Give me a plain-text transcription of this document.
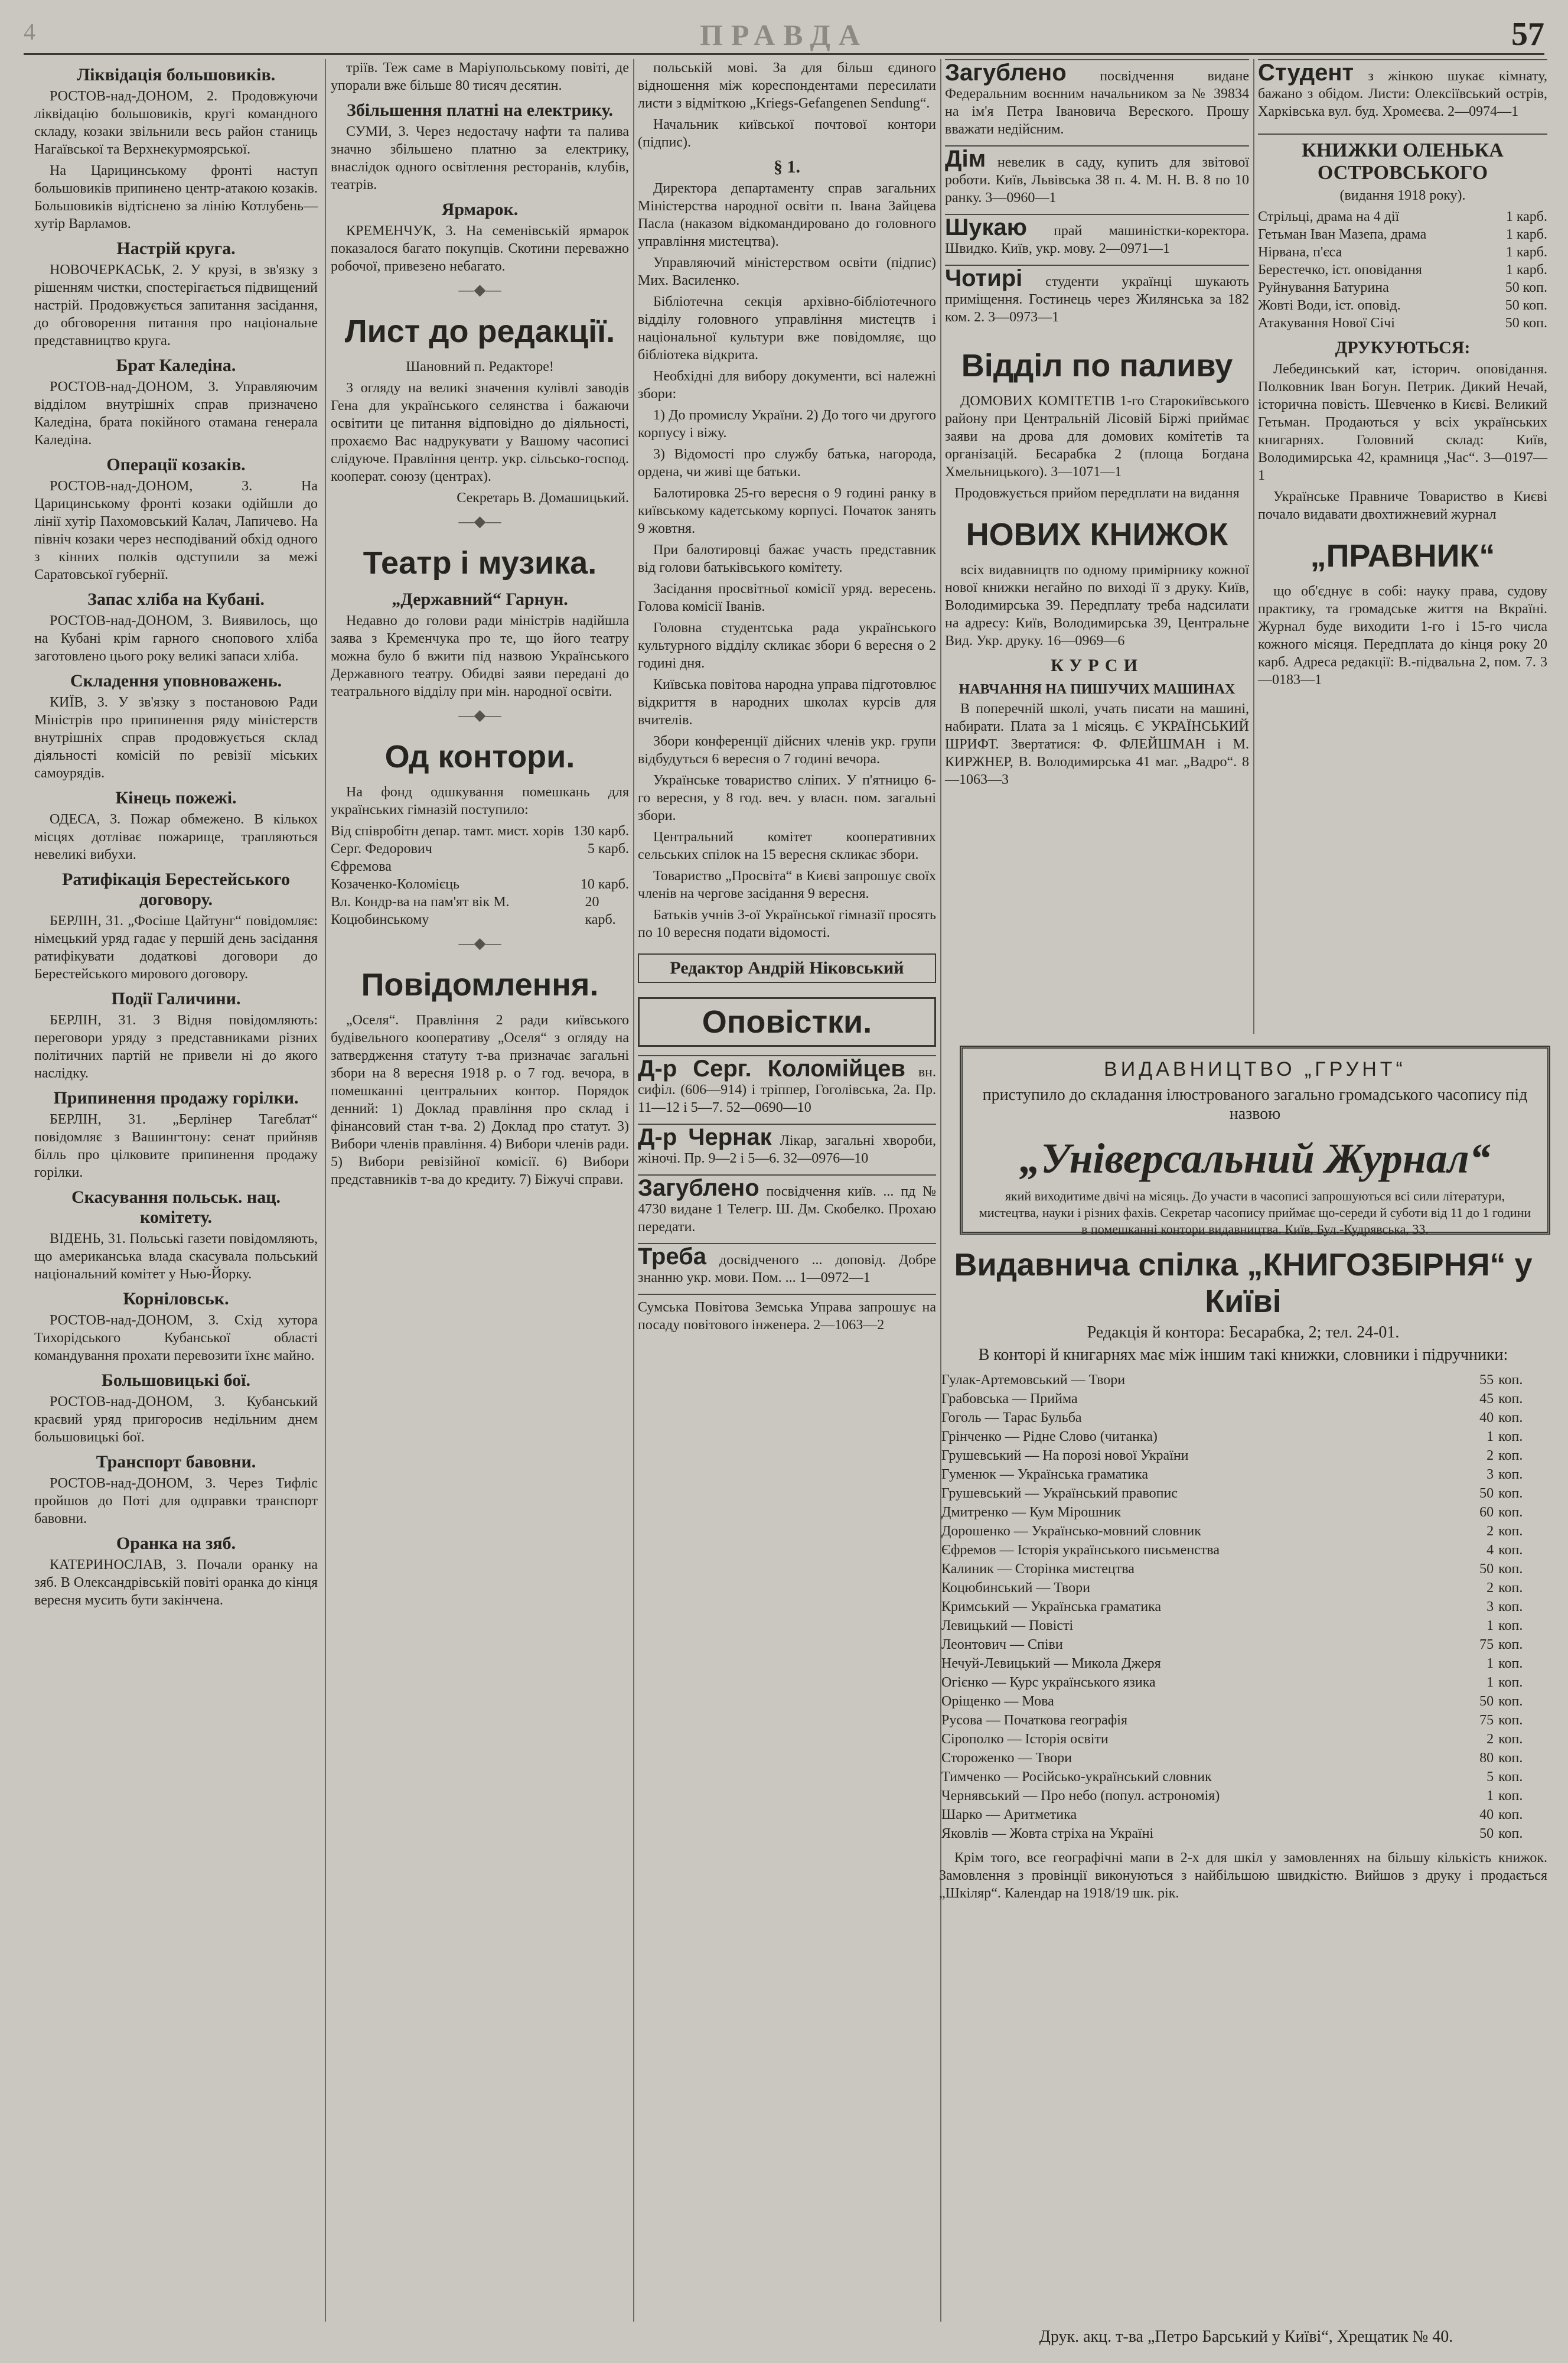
4	ПРАВДА	57
Ліквідація большовиків.

РОСТОВ-над-ДОНОМ, 2. Продовжуючи ліквідацію большовиків, кругі командного складу, козаки звільнили весь район станиць Нагаївської та Верхнекурмоярської.

На Царицинському фронті наступ большовиків припинено центр-атакою козаків. Большовиків відтіснено за лінію Котлубень—хутір Варламов.

Настрій круга.

НОВОЧЕРКАСЬК, 2. У крузі, в зв'язку з рішенням чистки, спостерігається підвищений настрій. Продовжується запитання засідання, до обговорення питання про національне представництво круга.

Брат Каледіна.

РОСТОВ-над-ДОНОМ, 3. Управляючим відділом внутрішніх справ призначено Каледіна, брата покійного отамана генерала Каледіна.

Операції козаків.

РОСТОВ-над-ДОНОМ, 3. На Царицинському фронті козаки одійшли до лінії хутір Пахомовський Калач, Лапичево. На північ козаки через несподіваний обхід одного з кінних полків одступили за межі Саратовської губернії.

Запас хліба на Кубані.

РОСТОВ-над-ДОНОМ, 3. Виявилось, що на Кубані крім гарного снопового хліба заготовлено цього року великі запаси хліба.

Складення уповноважень.

КИЇВ, 3. У зв'язку з постановою Ради Міністрів про припинення ряду міністерств внутрішніх справ продовжується склад діяльності комісій по ревізії міських самоурядів.

Кінець пожежі.

ОДЕСА, 3. Пожар обмежено. В кількох місцях дотліває пожарище, трапляються невеликі вибухи.

Ратифікація Берестейського договору.

БЕРЛІН, 31. „Фосіше Цайтунг“ повідомляє: німецький уряд гадає у першій день засідання ратифікувати додаткові договори до Берестейського мирового договору.

Події Галичини.

БЕРЛІН, 31. З Відня повідомляють: переговори уряду з представниками різних політичних партій не привели ні до якого наслідку.

Припинення продажу горілки.

БЕРЛІН, 31. „Берлінер Тагеблат“ повідомляє з Вашингтону: сенат прийняв білль про цілковите припинення продажу горілки.

Скасування польськ. нац. комітету.

ВІДЕНЬ, 31. Польські газети повідомляють, що американська влада скасувала польський національний комітет у Нью-Йорку.

Корніловськ.

РОСТОВ-над-ДОНОМ, 3. Схід хутора Тихорідського Кубанської області командування прохати перевозити їхнє майно.

Большовицькі бої.

РОСТОВ-над-ДОНОМ, 3. Кубанський краєвий уряд пригоросив недільним днем большовицькі бої.

Транспорт бавовни.

РОСТОВ-над-ДОНОМ, 3. Через Тифліс пройшов до Поті для одправки транспорт бавовни.

Оранка на зяб.

КАТЕРИНОСЛАВ, 3. Почали оранку на зяб. В Олександрівській повіті оранка до кінця вересня мусить бути закінчена.

тріїв. Теж саме в Маріупольському повіті, де упорали вже більше 80 тисяч десятин.

Збільшення платні на електрику.

СУМИ, 3. Через недостачу нафти та палива значно збільшено платню за електрику, внаслідок одного освітлення ресторанів, клубів, театрів.

Ярмарок.

КРЕМЕНЧУК, 3. На семенівській ярмарок показалося багато покупців. Скотини переважно робочої, привезено небагато.

—◆—
Лист до редакції.

Шановний п. Редакторе!

З огляду на великі значення кулівлі заводів Гена для українського селянства і бажаючи освітити це питання відповідно до діяльності, прохаємо Вас надрукувати у Вашому часописі слідуюче. Правління центр. укр. сільсько-господ. кооперат. союзу (центрах).

Секретарь В. Домашицький.

—◆—
Театр і музика.
„Державний“ Гарнун.

Недавно до голови ради міністрів надійшла заява з Кременчука про те, що його театру можна було б вжити під назвою Українського Державного театру. Обидві заяви передані до театрального відділу при мін. народної освіти.

—◆—
Од контори.

На фонд одшкування помешкань для українських гімназій поступило:

Від співробітн депар. тамт. мист. хорів 130 карб.
Серг. Федорович	5 карб.
Єфремова
Козаченко-Коломієць	10 карб.
Вл. Кондр-ва на пам'ят вік М. Коцюбинському
20 карб.
—◆—
Повідомлення.

„Оселя“. Правління 2 ради київського будівельного кооперативу „Оселя“ з огляду на затвердження статуту т-ва призначає загальні збори на 8 вересня 1918 р. о 7 год. вечора, в помешканні центральних контор. Порядок денний: 1) Доклад правління про склад і фінансовий стан т-ва. 2) Доклад про статут. 3) Вибори членів правління. 4) Вибори членів ради. 5) Вибори ревізійної комісії. 6) Вибори представників т-ва до кредиту. 7) Біжучі справи.

польській мові. За для більш єдиного відношення між кореспондентами пересилати листи з відміткою „Kriegs-Gefangenen Sendung“.

Начальник київської почтової контори (підпис).

§ 1.

Директора департаменту справ загальних Міністерства народної освіти п. Івана Зайцева Пасла (наказом відкомандировано до головного управління мистецтва).

Управляючий міністерством освіти (підпис) Мих. Василенко.

Бібліотечна секція архівно-бібліотечного відділу головного управління мистецтв і національної культури вже повідомляє, що бібліотека відкрита.

Необхідні для вибору документи, всі належні збори:

1) До промислу України. 2) До того чи другого корпусу і віжу.

3) Відомості про службу батька, нагорода, ордена, чи живі ще батьки.

Балотировка 25-го вересня о 9 годині ранку в київському кадетському корпусі. Початок занять 9 жовтня.

При балотировці бажає участь представник від голови батьківського комітету.

Засідання просвітньої комісії уряд. вересень. Голова комісії Іванів.

Головна студентська рада українського культурного відділу скликає збори 6 вересня о 2 годині дня.

Київська повітова народна управа підготовлює відкриття в народних школах курсів для вчителів.

Збори конференції дійсних членів укр. групи відбудуться 6 вересня о 7 годині вечора.

Українське товариство сліпих. У п'ятницю 6-го вересня, у 8 год. веч. у власн. пом. загальні збори.

Центральний комітет кооперативних сельських спілок на 15 вересня скликає збори.

Товариство „Просвіта“ в Києві запрошує своїх членів на чергове засідання 9 вересня.

Батьків учнів 3-ої Української гімназії просять по 10 вересня подати відомості.

Редактор Андрій Ніковський
Оповістки.

Д-р Серг. Коломійцев вн. сифіл. (606—914) і тріппер, Гоголівська, 2а. Пр. 11—12 і 5—7. 52—0690—10

Д-р Чернак Лікар, загальні хвороби, жіночі. Пр. 9—2 і 5—6. 32—0976—10

Загублено посвідчення київ. ... пд № 4730 видане 1 Телегр. Ш. Дм. Скобелко. Прохаю передати.

Треба досвідченого ... доповід. Добре знанню укр. мови. Пом. ... 1—0972—1

Сумська Повітова Земська Управа запрошує на посаду повітового інженера. 2—1063—2

Загублено посвідчення видане Федеральним воєнним начальником за № 39834 на ім'я Петра Івановича Вереского. Прошу вважати недійсним.

Дім невелик в саду, купить для звітової роботи. Київ, Львівська 38 п. 4. М. Н. В. 8 по 10 ранку. 3—0960—1

Шукаю прай машиністки-коректора. Швидко. Київ, укр. мову. 2—0971—1

Чотирі студенти українці шукають приміщення. Гостинець через Жилянська за 182 ком. 2. 3—0973—1

Відділ по паливу

ДОМОВИХ КОМІТЕТІВ 1-го Старокиївського району при Центральній Лісовій Біржі приймає заяви на дрова для домових комітетів та організацій. Бесарабка 2 (площа Богдана Хмельницького). 3—1071—1

Продовжується прийом передплати на видання

НОВИХ КНИЖОК

всіх видавництв по одному примірнику кожної нової книжки негайно по виході її з друку. Київ, Володимирська 39. Передплату треба надсилати на адресу: Київ, Володимирська 39, Центральне Вид. Укр. друку. 16—0969—6

КУРСИ
НАВЧАННЯ НА ПИШУЧИХ МАШИНАХ

В поперечній школі, учать писати на машині, набирати. Плата за 1 місяць. Є УКРАЇНСЬКИЙ ШРИФТ. Звертатися: Ф. ФЛЕЙШМАН і М. КИРЖНЕР, В. Володимирська 41 маг. „Вадро“. 8—1063—3

Студент з жінкою шукає кімнату, бажано з обідом. Листи: Олексіївський острів, Харківська вул. буд. Хромеєва. 2—0974—1

КНИЖКИ ОЛЕНЬКА ОСТРОВСЬКОГО

(видання 1918 року).

Стрільці, драма на 4 дії	1 карб.
Гетьман Іван Мазепа, драма	1 карб.
Нірвана, п'єса	1 карб.
Берестечко, іст. оповідання	1 карб.
Руйнування Батурина	50 коп.
Жовті Води, іст. оповід.	50 коп.
Атакування Нової Січі	50 коп.
ДРУКУЮТЬСЯ:

Лебединський кат, історич. оповідання. Полковник Іван Богун. Петрик. Дикий Нечай, історична повість. Шевченко в Києві. Великий Гетьман. Продаються у всіх українських книгарнях. Головний склад: Київ, Володимирська 42, крамниця „Час“. 3—0197—1

Українське Правниче Товариство в Києві почало видавати двохтижневий журнал

„ПРАВНИК“

що об'єднує в собі: науку права, судову практику, та громадське життя на Вкраїні. Журнал буде виходити 1-го і 15-го числа кожного місяця. Передплата до кінця року 20 карб. Адреса редакції: В.-підвальна 2, пом. 7. 3—0183—1

ВИДАВНИЦТВО „ГРУНТ“
приступило до складання ілюстрованого загально громадського часопису під назвою
„Універсальний Журнал“
який виходитиме двічі на місяць. До участи в часописі запрошуються всі сили літератури, мистецтва, науки і різних фахів. Секретар часопису приймає що-середи й суботи від 11 до 1 години в помешканні контори видавництва. Київ, Бул.-Кудрявська, 33.
Видавнича спілка „КНИГОЗБІРНЯ“ у Київі
Редакція й контора: Бесарабка, 2; тел. 24-01.
В конторі й книгарнях має між іншим такі книжки, словники і підручники:
Гулак-Артемовський — Твори	55	коп.
Грабовська — Прийма	45	коп.
Гоголь — Тарас Бульба	40	коп.
Грінченко — Рідне Слово (читанка)	1	коп.
Грушевський — На порозі нової України	2	коп.
Гуменюк — Українська граматика	3	коп.
Грушевський — Український правопис	50	коп.
Дмитренко — Кум Мірошник	60	коп.
Дорошенко — Українсько-мовний словник	2	коп.
Єфремов — Історія українського письменства	4	коп.
Калиник — Сторінка мистецтва	50	коп.
Коцюбинський — Твори	2	коп.
Кримський — Українська граматика	3	коп.
Левицький — Повісті	1	коп.
Леонтович — Співи	75	коп.
Нечуй-Левицький — Микола Джеря	1	коп.
Огієнко — Курс українського язика	1	коп.
Оріщенко — Мова	50	коп.
Русова — Початкова географія	75	коп.
Сірополко — Історія освіти	2	коп.
Стороженко — Твори	80	коп.
Тимченко — Російсько-український словник	5	коп.
Чернявський — Про небо (попул. астрономія)	1	коп.
Шарко — Аритметика	40	коп.
Яковлів — Жовта стріха на Україні	50	коп.

Крім того, все географічні мапи в 2-х для шкіл у замовленнях на більшу кількість книжок. Замовлення з провінції виконуються з найбільшою швидкістю. Вийшов з друку і продається „Шкіляр“. Календар на 1918/19 шк. рік.

Друк. акц. т-ва „Петро Барський у Київі“, Хрещатик № 40.
